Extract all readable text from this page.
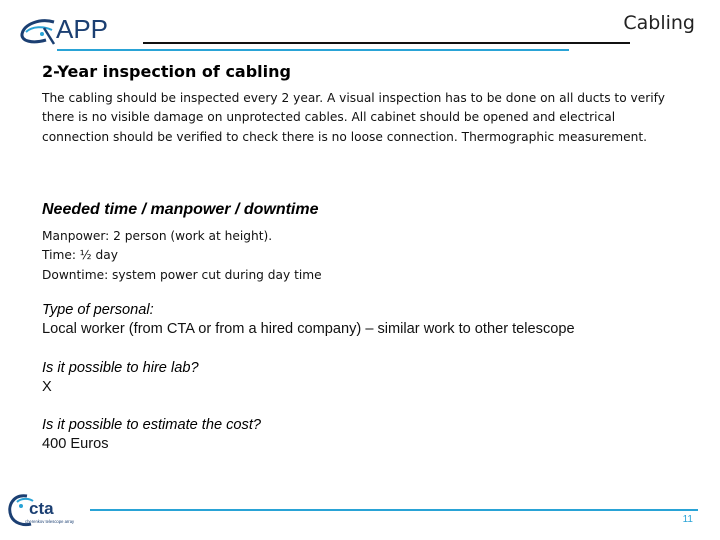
APP	Cabling
2-Year inspection of cabling
The cabling should be inspected every 2 year. A visual inspection has to be done on all ducts to verify there is no visible damage on unprotected cables. All cabinet should be opened and electrical connection should be verified to check there is no loose connection. Thermographic measurement.
Needed time / manpower / downtime
Manpower: 2 person (work at height).
Time: ½ day
Downtime: system power cut during day time
Type of personal:
Local worker (from CTA or from a hired company) – similar work to other telescope
Is it possible to hire lab?
X
Is it possible to estimate the cost?
400 Euros
cta
cherenkov telescope array	11
